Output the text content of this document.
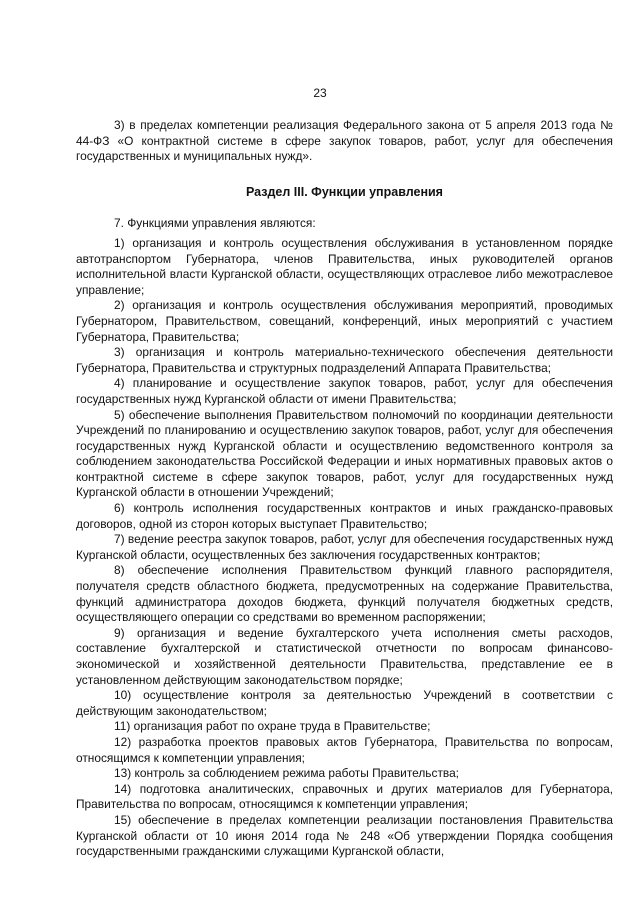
23

3) в пределах компетенции реализация Федерального закона от 5 апреля 2013 года № 44-ФЗ «О контрактной системе в сфере закупок товаров, работ, услуг для обеспечения государственных и муниципальных нужд».

Раздел III. Функции управления

7. Функциями управления являются:

1) организация и контроль осуществления обслуживания в установленном порядке автотранспортом Губернатора, членов Правительства, иных руководителей органов исполнительной власти Курганской области, осуществляющих отраслевое либо межотраслевое управление;

2) организация и контроль осуществления обслуживания мероприятий, проводимых Губернатором, Правительством, совещаний, конференций, иных мероприятий с участием Губернатора, Правительства;

3) организация и контроль материально-технического обеспечения деятельности Губернатора, Правительства и структурных подразделений Аппарата Правительства;

4) планирование и осуществление закупок товаров, работ, услуг для обеспечения государственных нужд Курганской области от имени Правительства;

5) обеспечение выполнения Правительством полномочий по координации деятельности Учреждений по планированию и осуществлению закупок товаров, работ, услуг для обеспечения государственных нужд Курганской области и осуществлению ведомственного контроля за соблюдением законодательства Российской Федерации и иных нормативных правовых актов о контрактной системе в сфере закупок товаров, работ, услуг для государственных нужд Курганской области в отношении Учреждений;

6) контроль исполнения государственных контрактов и иных гражданско-правовых договоров, одной из сторон которых выступает Правительство;

7) ведение реестра закупок товаров, работ, услуг для обеспечения государственных нужд Курганской области, осуществленных без заключения государственных контрактов;

8) обеспечение исполнения Правительством функций главного распорядителя, получателя средств областного бюджета, предусмотренных на содержание Правительства, функций администратора доходов бюджета, функций получателя бюджетных средств, осуществляющего операции со средствами во временном распоряжении;

9) организация и ведение бухгалтерского учета исполнения сметы расходов, составление бухгалтерской и статистической отчетности по вопросам финансово-экономической и хозяйственной деятельности Правительства, представление ее в установленном действующим законодательством порядке;

10) осуществление контроля за деятельностью Учреждений в соответствии с действующим законодательством;

11) организация работ по охране труда в Правительстве;

12) разработка проектов правовых актов Губернатора, Правительства по вопросам, относящимся к компетенции управления;

13) контроль за соблюдением режима работы Правительства;

14) подготовка аналитических, справочных и других материалов для Губернатора, Правительства по вопросам, относящимся к компетенции управления;

15) обеспечение в пределах компетенции реализации постановления Правительства Курганской области от 10 июня 2014 года № 248 «Об утверждении Порядка сообщения государственными гражданскими служащими Курганской области,
